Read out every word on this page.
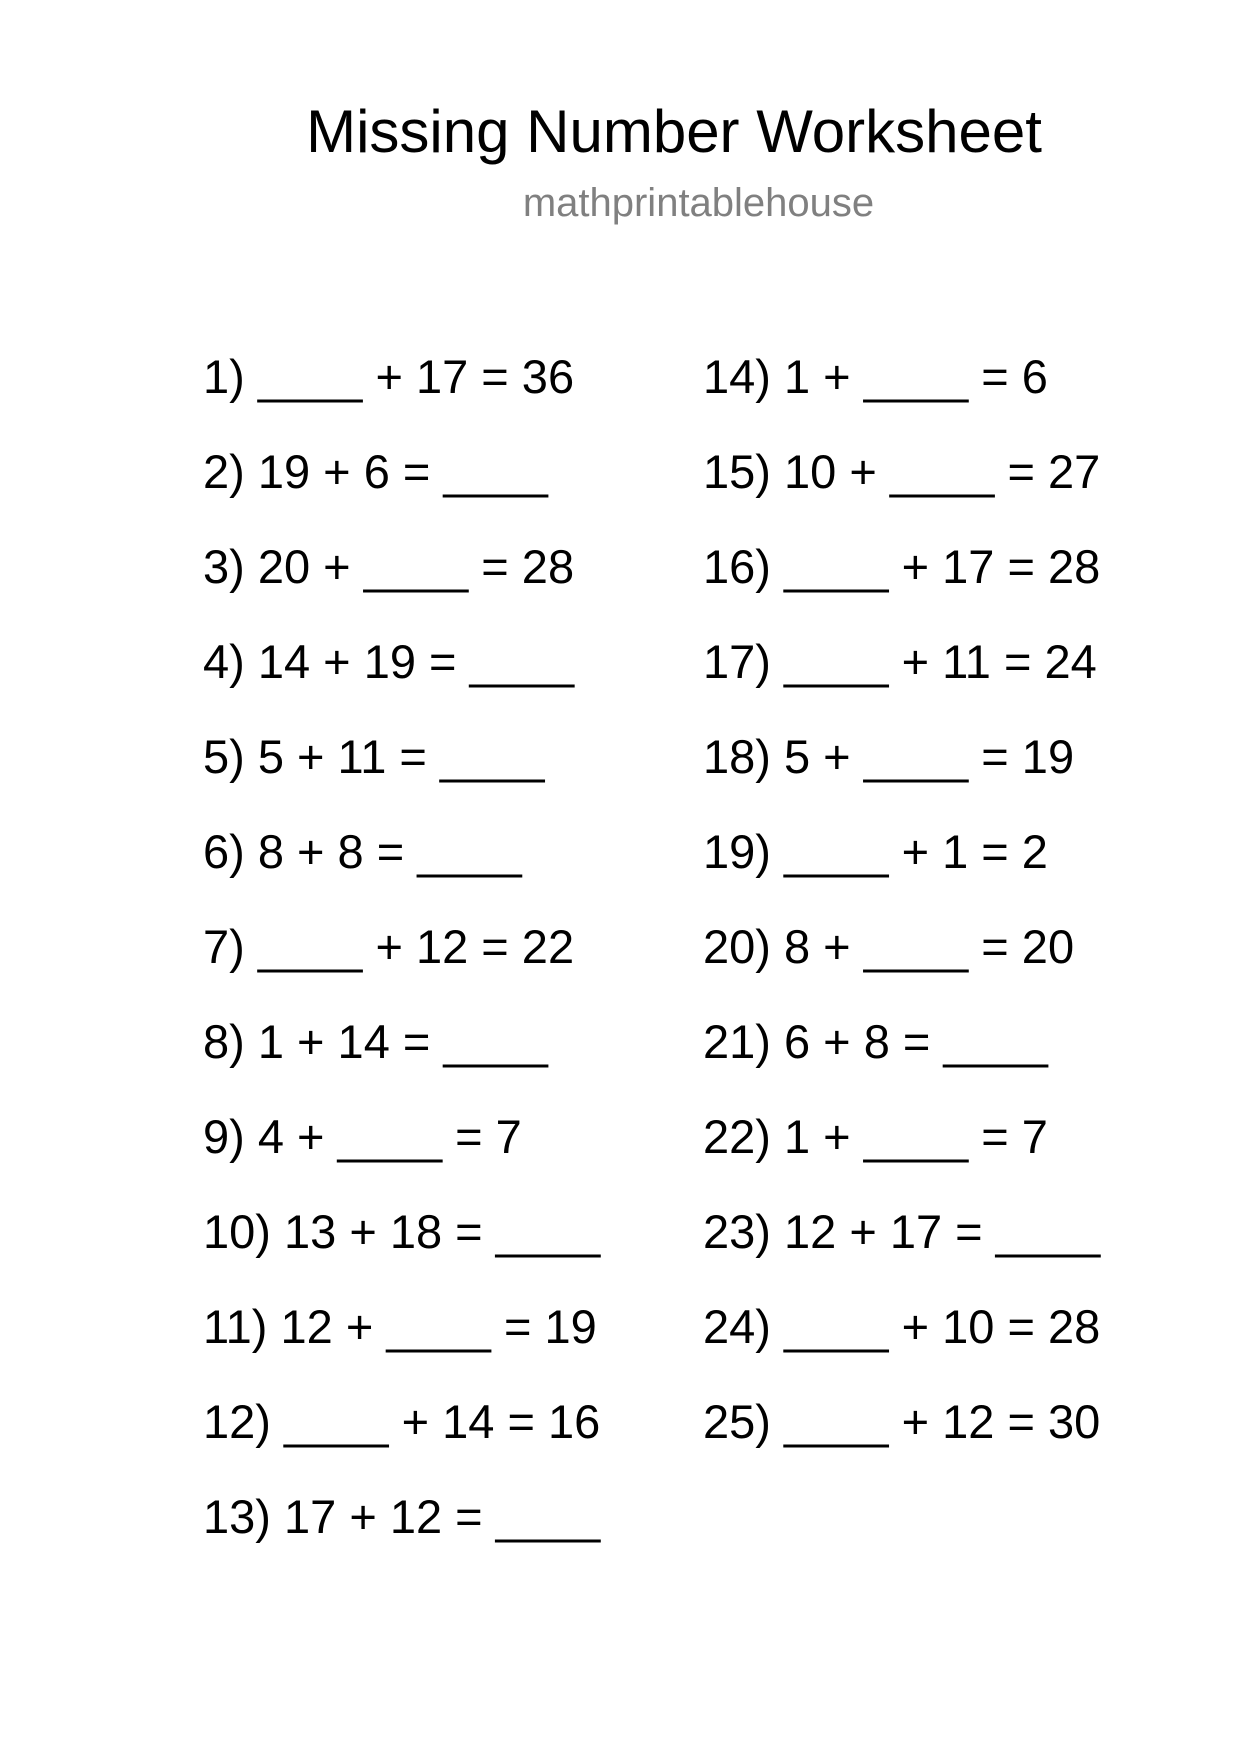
Missing Number Worksheet
mathprintablehouse
1) ____ + 17 = 36
2) 19 + 6 = ____
3) 20 + ____ = 28
4) 14 + 19 = ____
5) 5 + 11 = ____
6) 8 + 8 = ____
7) ____ + 12 = 22
8) 1 + 14 = ____
9) 4 + ____ = 7
10) 13 + 18 = ____
11) 12 + ____ = 19
12) ____ + 14 = 16
13) 17 + 12 = ____
14) 1 + ____ = 6
15) 10 + ____ = 27
16) ____ + 17 = 28
17) ____ + 11 = 24
18) 5 + ____ = 19
19) ____ + 1 = 2
20) 8 + ____ = 20
21) 6 + 8 = ____
22) 1 + ____ = 7
23) 12 + 17 = ____
24) ____ + 10 = 28
25) ____ + 12 = 30
